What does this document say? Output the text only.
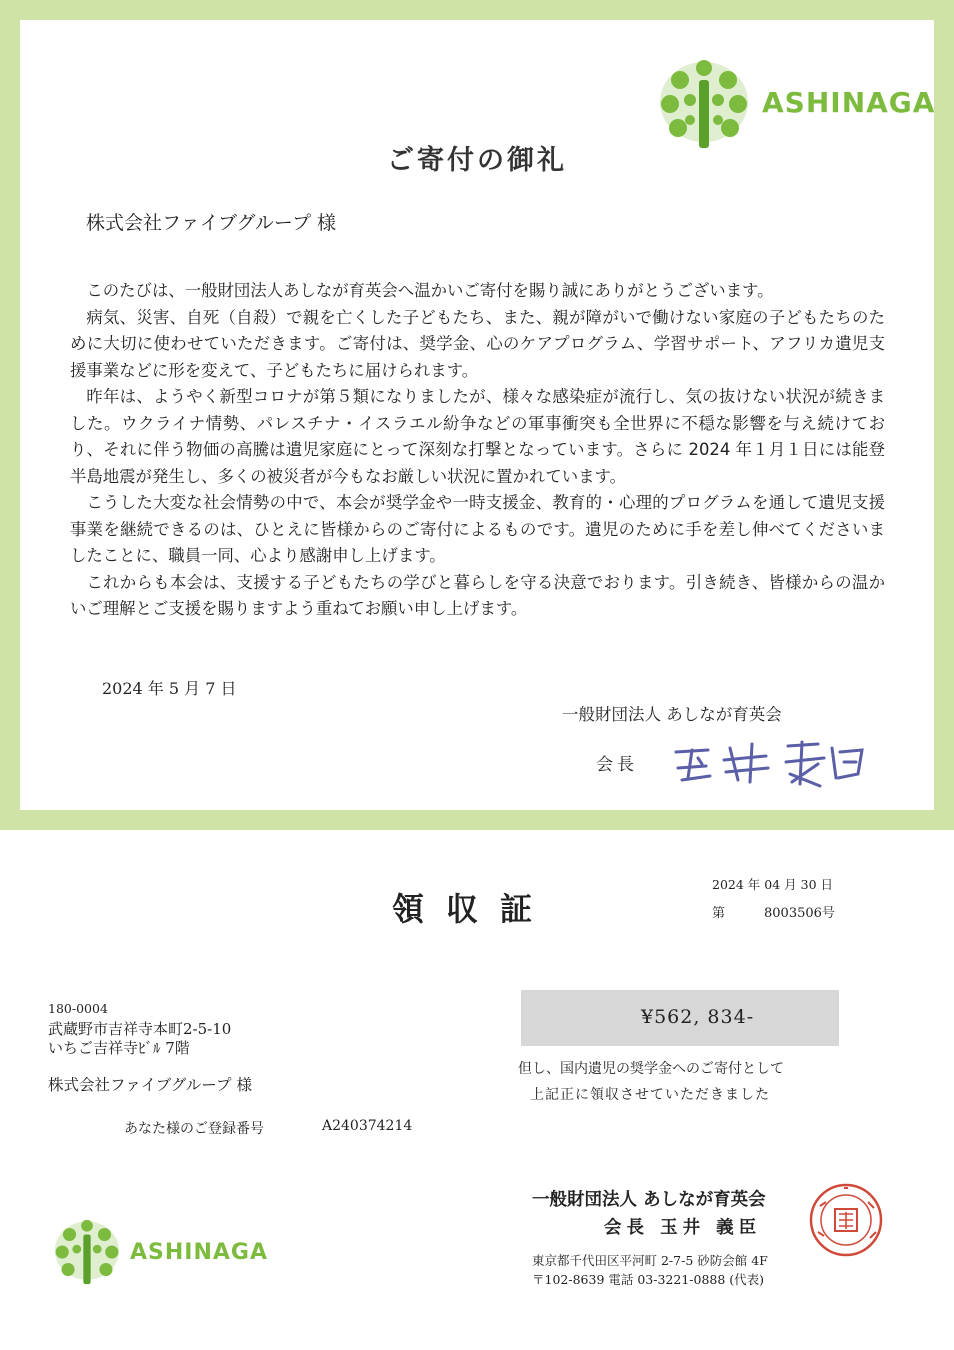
ASHINAGA
ご寄付の御礼
株式会社ファイブグループ 様

このたびは、一般財団法人あしなが育英会へ温かいご寄付を賜り誠にありがとうございます。

病気、災害、自死（自殺）で親を亡くした子どもたち、また、親が障がいで働けない家庭の子どもたちのために大切に使わせていただきます。ご寄付は、奨学金、心のケアプログラム、学習サポート、アフリカ遺児支援事業などに形を変えて、子どもたちに届けられます。

昨年は、ようやく新型コロナが第５類になりましたが、様々な感染症が流行し、気の抜けない状況が続きました。ウクライナ情勢、パレスチナ・イスラエル紛争などの軍事衝突も全世界に不穏な影響を与え続けており、それに伴う物価の高騰は遺児家庭にとって深刻な打撃となっています。さらに 2024 年１月１日には能登半島地震が発生し、多くの被災者が今もなお厳しい状況に置かれています。

こうした大変な社会情勢の中で、本会が奨学金や一時支援金、教育的・心理的プログラムを通して遺児支援事業を継続できるのは、ひとえに皆様からのご寄付によるものです。遺児のために手を差し伸べてくださいましたことに、職員一同、心より感謝申し上げます。

これからも本会は、支援する子どもたちの学びと暮らしを守る決意でおります。引き続き、皆様からの温かいご理解とご支援を賜りますよう重ねてお願い申し上げます。

2024 年 5 月 7 日
一般財団法人 あしなが育英会
会長
領収証
2024 年 04 月 30 日
第	8003506号
180-0004
武蔵野市吉祥寺本町2-5-10
いちご吉祥寺ﾋﾞﾙ 7階
株式会社ファイブグループ 様
あなた様のご登録番号	A240374214
¥562, 834-
但し、国内遺児の奨学金へのご寄付として
上記正に領収させていただきました
一般財団法人 あしなが育英会
会長 玉井 義臣
東京都千代田区平河町 2-7-5 砂防会館 4F
〒102-8639 電話 03-3221-0888 (代表)
ASHINAGA
